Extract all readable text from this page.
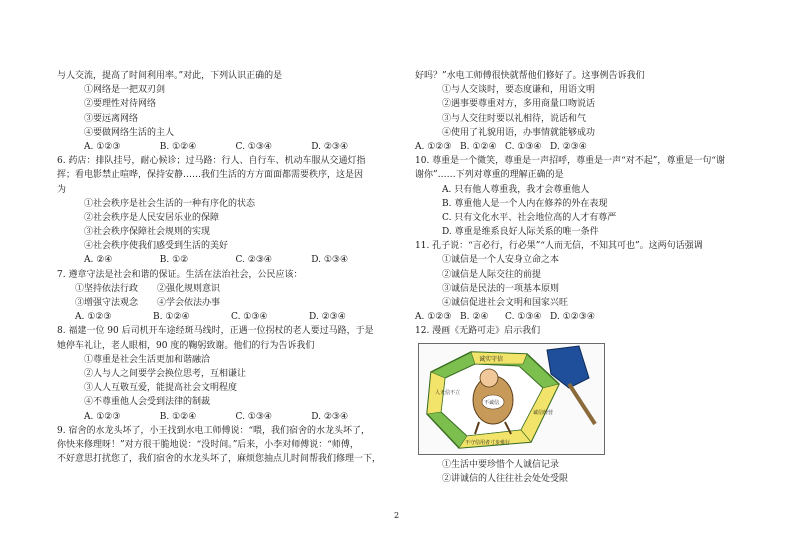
与人交流，提高了时间利用率。”对此，下列认识正确的是
①网络是一把双刃剑
②要理性对待网络
③要远离网络
④要做网络生活的主人
A. ①②③	B. ①②④	C. ①③④	D. ②③④
6. 药店：排队挂号，耐心候诊；过马路：行人、自行车、机动车服从交通灯指
挥；看电影禁止喧哗，保持安静……我们生活的方方面面都需要秩序，这是因
为
①社会秩序是社会生活的一种有序化的状态
②社会秩序是人民安居乐业的保障
③社会秩序保障社会规则的实现
④社会秩序使我们感受到生活的美好
A. ②④	B. ①②	C. ②③④	D. ①③④
7. 遵章守法是社会和谐的保证。生活在法治社会，公民应该：
①坚持依法行政 ②强化规则意识
③增强守法观念 ④学会依法办事
A. ①②③	B. ①②④	C. ①③④	D. ②③④
8. 福建一位 90 后司机开车途经斑马线时，正遇一位拐杖的老人要过马路，于是
她停车礼让，老人眼相，90 度的鞠躬致谢。他们的行为告诉我们
①尊重是社会生活更加和谐融洽
②人与人之间要学会换位思考，互相谦让
③人人互敬互爱，能提高社会文明程度
④不尊重他人会受到法律的制裁
A. ①②③	B. ①②④	C. ①③④	D. ②③④
9. 宿舍的水龙头坏了，小王找到水电工师傅说：“喂，我们宿舍的水龙头坏了，
你快来修理呀！”对方很干脆地说：“没时间。”后来，小李对师傅说：“师傅，
不好意思打扰您了，我们宿舍的水龙头坏了，麻烦您抽点儿时间帮我们修理一下，
好吗？”水电工师傅很快就帮他们修好了。这事例告诉我们
①与人交谈时，要态度谦和，用语文明
②遇事要尊重对方，多用商量口吻说话
③与人交往时要以礼相待，说话和气
④使用了礼貌用语，办事情就能够成功
A. ①②③ B. ①②④ C. ①③④ D. ②③④
10. 尊重是一个微笑，尊重是一声招呼，尊重是一声“对不起”，尊重是一句“谢
谢你”……下列对尊重的理解正确的是
A. 只有他人尊重我，我才会尊重他人
B. 尊重他人是一个人内在修养的外在表现
C. 只有文化水平、社会地位高的人才有尊严
D. 尊重是维系良好人际关系的唯一条件
11. 孔子说：“言必行，行必果”“人而无信，不知其可也”。这两句话强调
①诚信是一个人安身立命之本
②诚信是人际交往的前提
③诚信是民法的一项基本原则
④诚信促进社会文明和国家兴旺
A. ①②③ B. ②④	C. ①③④ D. ①②③④
12. 漫画《无路可走》启示我们
诚实守信
人无信不立
诚信经营
不守信用者寸步难行
不诚信
①生活中要珍惜个人诚信记录
②讲诚信的人往往社会处处受限
2
